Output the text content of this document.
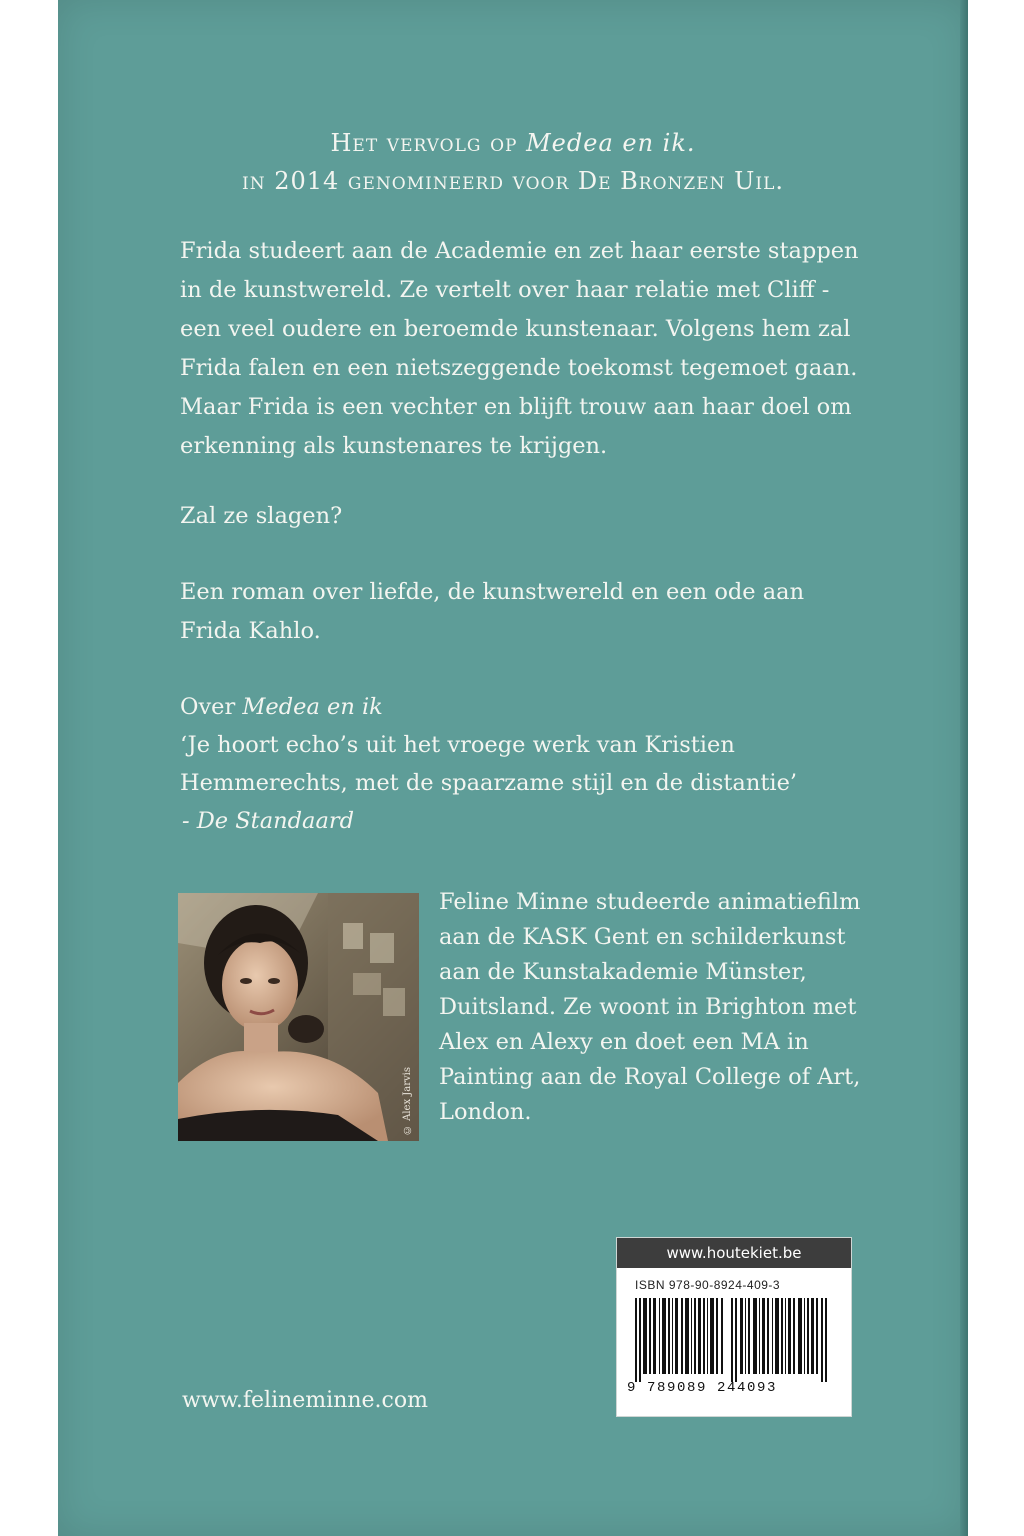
Het vervolg op Medea en ik.
in 2014 genomineerd voor De Bronzen Uil.

Frida studeert aan de Academie en zet haar eerste stappen in de kunstwereld. Ze vertelt over haar relatie met Cliff - een veel oudere en beroemde kunstenaar. Volgens hem zal Frida falen en een nietszeggende toekomst tegemoet gaan. Maar Frida is een vechter en blijft trouw aan haar doel om erkenning als kunstenares te krijgen.

Zal ze slagen?

Een roman over liefde, de kunstwereld en een ode aan Frida Kahlo.

Over Medea en ik
‘Je hoort echo’s uit het vroege werk van Kristien
Hemmerechts, met de spaarzame stijl en de distantie’
- De Standaard
© Alex Jarvis

Feline Minne studeerde animatiefilm aan de KASK Gent en schilderkunst aan de Kunstakademie Münster, Duitsland. Ze woont in Brighton met Alex en Alexy en doet een MA in Painting aan de Royal College of Art, London.

www.felineminne.com
www.houtekiet.be
ISBN 978-90-8924-409-3
9 789089 244093
